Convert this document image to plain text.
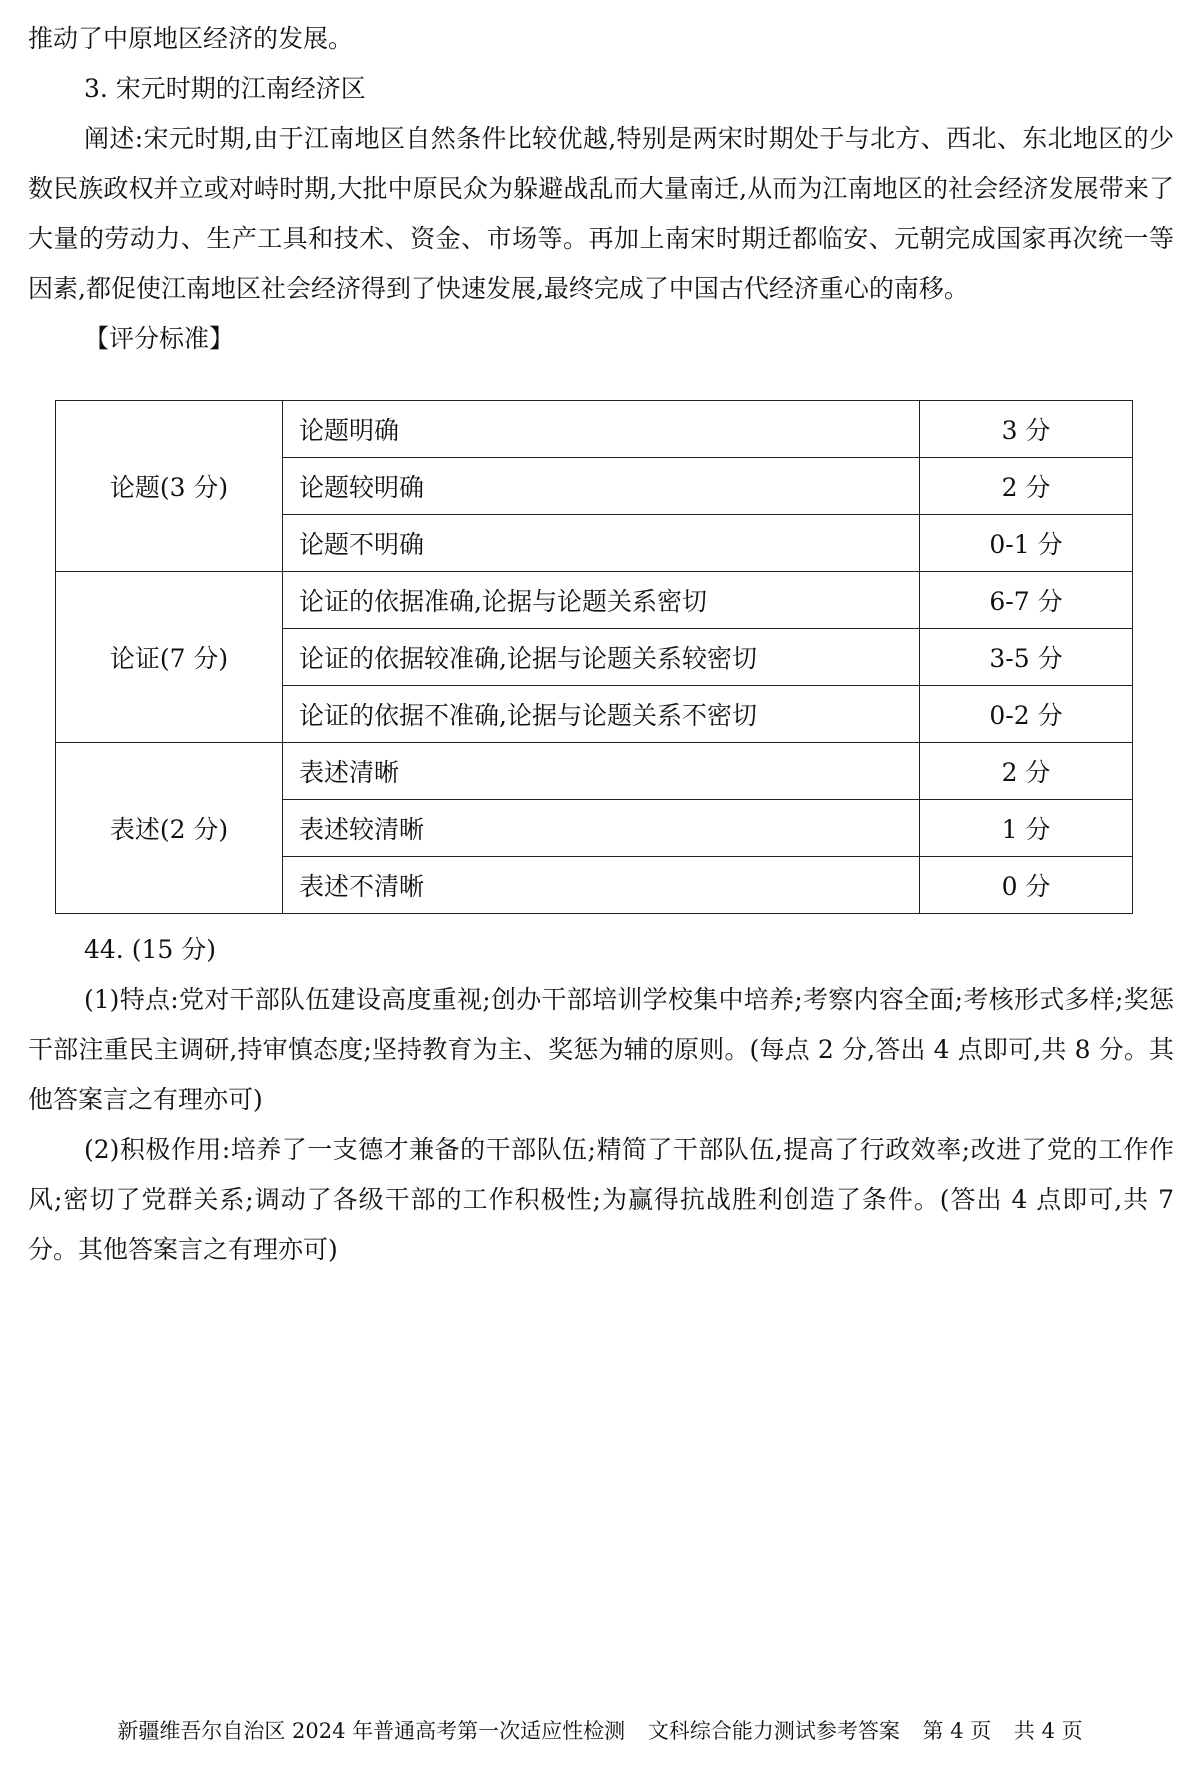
推动了中原地区经济的发展。

3. 宋元时期的江南经济区

阐述:宋元时期,由于江南地区自然条件比较优越,特别是两宋时期处于与北方、西北、东北地区的少数民族政权并立或对峙时期,大批中原民众为躲避战乱而大量南迁,从而为江南地区的社会经济发展带来了大量的劳动力、生产工具和技术、资金、市场等。再加上南宋时期迁都临安、元朝完成国家再次统一等因素,都促使江南地区社会经济得到了快速发展,最终完成了中国古代经济重心的南移。

【评分标准】

论题(3 分)	论题明确	3 分
	论题较明确	2 分
	论题不明确	0-1 分
论证(7 分)	论证的依据准确,论据与论题关系密切	6-7 分
	论证的依据较准确,论据与论题关系较密切	3-5 分
	论证的依据不准确,论据与论题关系不密切	0-2 分
表述(2 分)	表述清晰	2 分
	表述较清晰	1 分
	表述不清晰	0 分

44. (15 分)

(1)特点:党对干部队伍建设高度重视;创办干部培训学校集中培养;考察内容全面;考核形式多样;奖惩干部注重民主调研,持审慎态度;坚持教育为主、奖惩为辅的原则。(每点 2 分,答出 4 点即可,共 8 分。其他答案言之有理亦可)

(2)积极作用:培养了一支德才兼备的干部队伍;精简了干部队伍,提高了行政效率;改进了党的工作作风;密切了党群关系;调动了各级干部的工作积极性;为赢得抗战胜利创造了条件。(答出 4 点即可,共 7 分。其他答案言之有理亦可)

新疆维吾尔自治区 2024 年普通高考第一次适应性检测 文科综合能力测试参考答案 第 4 页 共 4 页
